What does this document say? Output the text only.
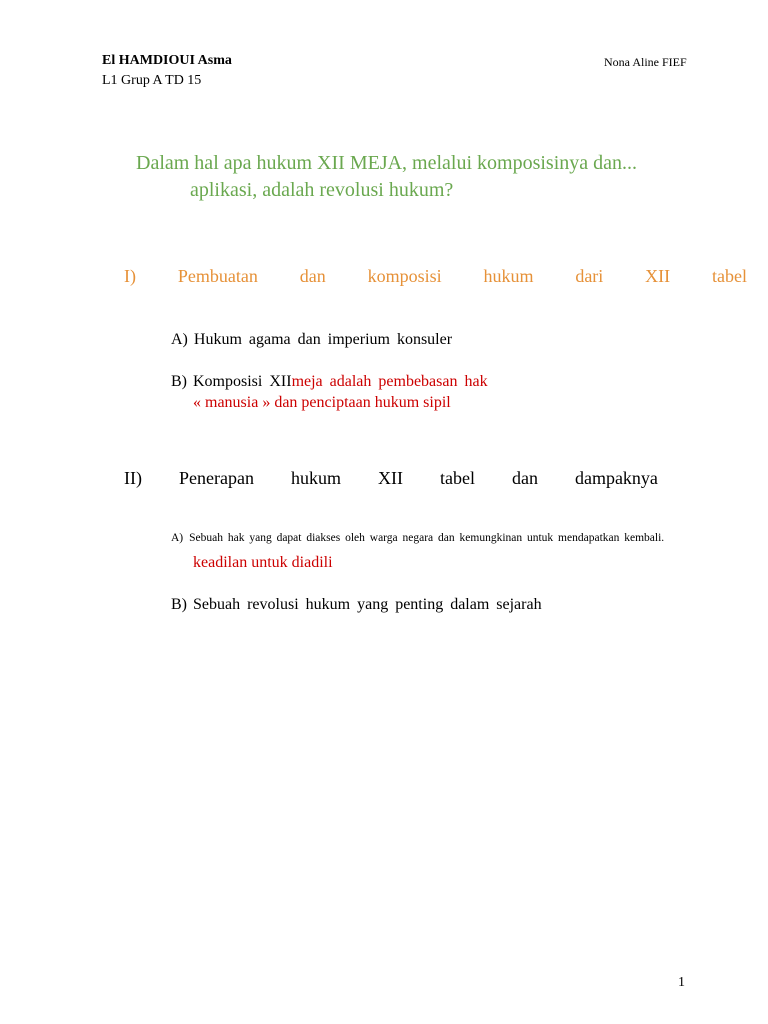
El HAMDIOUI Asma
L1 Grup A TD 15
Nona Aline FIEF
Dalam hal apa hukum XII MEJA, melalui komposisinya dan...
aplikasi, adalah revolusi hukum?
I) Pembuatan dan komposisi hukum dari XII tabel
A) Hukum agama dan imperium konsuler
B) Komposisi XIImeja adalah pembebasan hak
« manusia » dan penciptaan hukum sipil
II) Penerapan hukum XII tabel dan dampaknya
A) Sebuah hak yang dapat diakses oleh warga negara dan kemungkinan untuk mendapatkan kembali.
keadilan untuk diadili
B) Sebuah revolusi hukum yang penting dalam sejarah
1
